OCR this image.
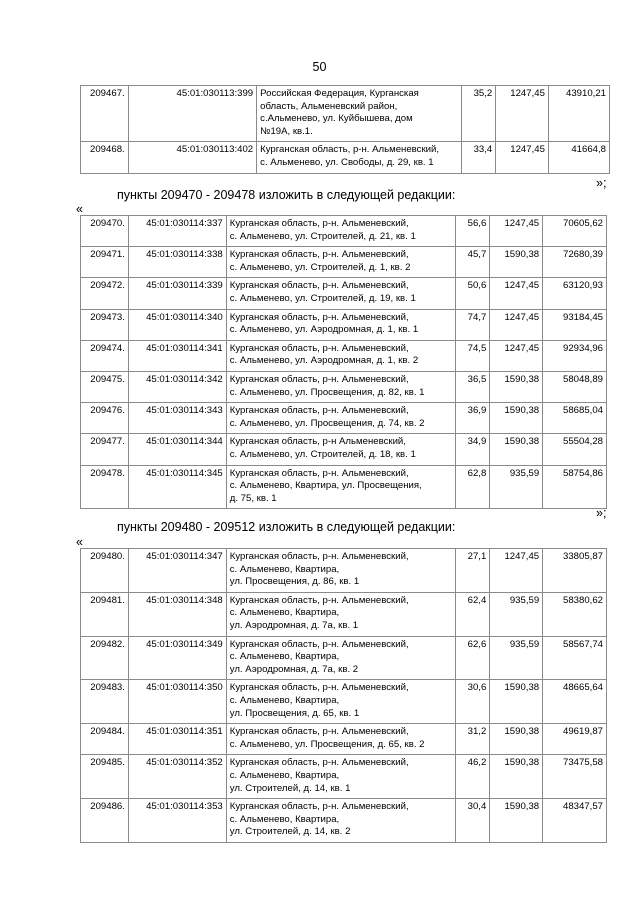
50
209467.	45:01:030113:399	Российская Федерация, Курганская
область, Альменевский район,
с.Альменево, ул. Куйбышева, дом
№19А, кв.1.	35,2	1247,45	43910,21
209468.	45:01:030113:402	Курганская область, р-н. Альменевский,
с. Альменево, ул. Свободы, д. 29, кв. 1	33,4	1247,45	41664,8
»;
пункты 209470 - 209478 изложить в следующей редакции:
«
209470.	45:01:030114:337	Курганская область, р-н. Альменевский,
с. Альменево, ул. Строителей, д. 21, кв. 1	56,6	1247,45	70605,62
209471.	45:01:030114:338	Курганская область, р-н. Альменевский,
с. Альменево, ул. Строителей, д. 1, кв. 2	45,7	1590,38	72680,39
209472.	45:01:030114:339	Курганская область, р-н. Альменевский,
с. Альменево, ул. Строителей, д. 19, кв. 1	50,6	1247,45	63120,93
209473.	45:01:030114:340	Курганская область, р-н. Альменевский,
с. Альменево, ул. Аэродромная, д. 1, кв. 1	74,7	1247,45	93184,45
209474.	45:01:030114:341	Курганская область, р-н. Альменевский,
с. Альменево, ул. Аэродромная, д. 1, кв. 2	74,5	1247,45	92934,96
209475.	45:01:030114:342	Курганская область, р-н. Альменевский,
с. Альменево, ул. Просвещения, д. 82, кв. 1	36,5	1590,38	58048,89
209476.	45:01:030114:343	Курганская область, р-н. Альменевский,
с. Альменево, ул. Просвещения, д. 74, кв. 2	36,9	1590,38	58685,04
209477.	45:01:030114:344	Курганская область, р-н Альменевский,
с. Альменево, ул. Строителей, д. 18, кв. 1	34,9	1590,38	55504,28
209478.	45:01:030114:345	Курганская область, р-н. Альменевский,
с. Альменево, Квартира, ул. Просвещения,
д. 75, кв. 1	62,8	935,59	58754,86
»;
пункты 209480 - 209512 изложить в следующей редакции:
«
209480.	45:01:030114:347	Курганская область, р-н. Альменевский,
с. Альменево, Квартира,
ул. Просвещения, д. 86, кв. 1	27,1	1247,45	33805,87
209481.	45:01:030114:348	Курганская область, р-н. Альменевский,
с. Альменево, Квартира,
ул. Аэродромная, д. 7а, кв. 1	62,4	935,59	58380,62
209482.	45:01:030114:349	Курганская область, р-н. Альменевский,
с. Альменево, Квартира,
ул. Аэродромная, д. 7а, кв. 2	62,6	935,59	58567,74
209483.	45:01:030114:350	Курганская область, р-н. Альменевский,
с. Альменево, Квартира,
ул. Просвещения, д. 65, кв. 1	30,6	1590,38	48665,64
209484.	45:01:030114:351	Курганская область, р-н. Альменевский,
с. Альменево, ул. Просвещения, д. 65, кв. 2	31,2	1590,38	49619,87
209485.	45:01:030114:352	Курганская область, р-н. Альменевский,
с. Альменево, Квартира,
ул. Строителей, д. 14, кв. 1	46,2	1590,38	73475,58
209486.	45:01:030114:353	Курганская область, р-н. Альменевский,
с. Альменево, Квартира,
ул. Строителей, д. 14, кв. 2	30,4	1590,38	48347,57
